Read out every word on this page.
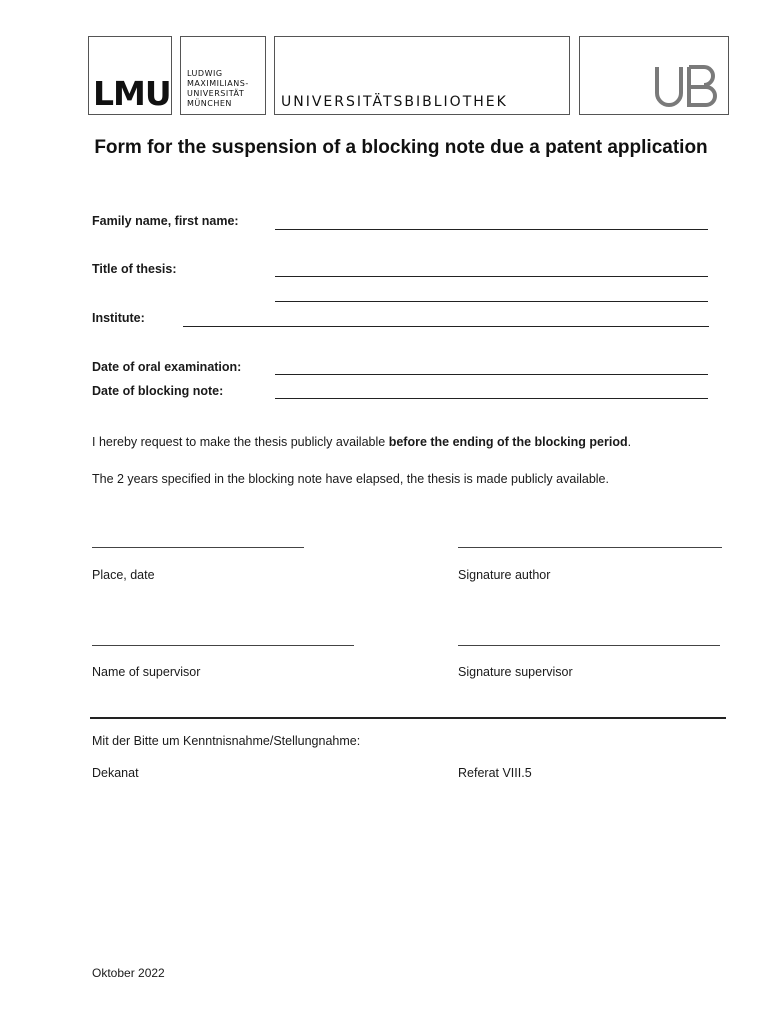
LMU
LUDWIG
MAXIMILIANS-
UNIVERSITÄT
MÜNCHEN	UNIVERSITÄTSBIBLIOTHEK
Form for the suspension of a blocking note due a patent application
Family name, first name:
Title of thesis:
Institute:
Date of oral examination:
Date of blocking note:
I hereby request to make the thesis publicly available before the ending of the blocking period.
The 2 years specified in the blocking note have elapsed, the thesis is made publicly available.
Place, date	Signature author
Name of supervisor	Signature supervisor
Mit der Bitte um Kenntnisnahme/Stellungnahme:
Dekanat	Referat VIII.5
Oktober 2022
